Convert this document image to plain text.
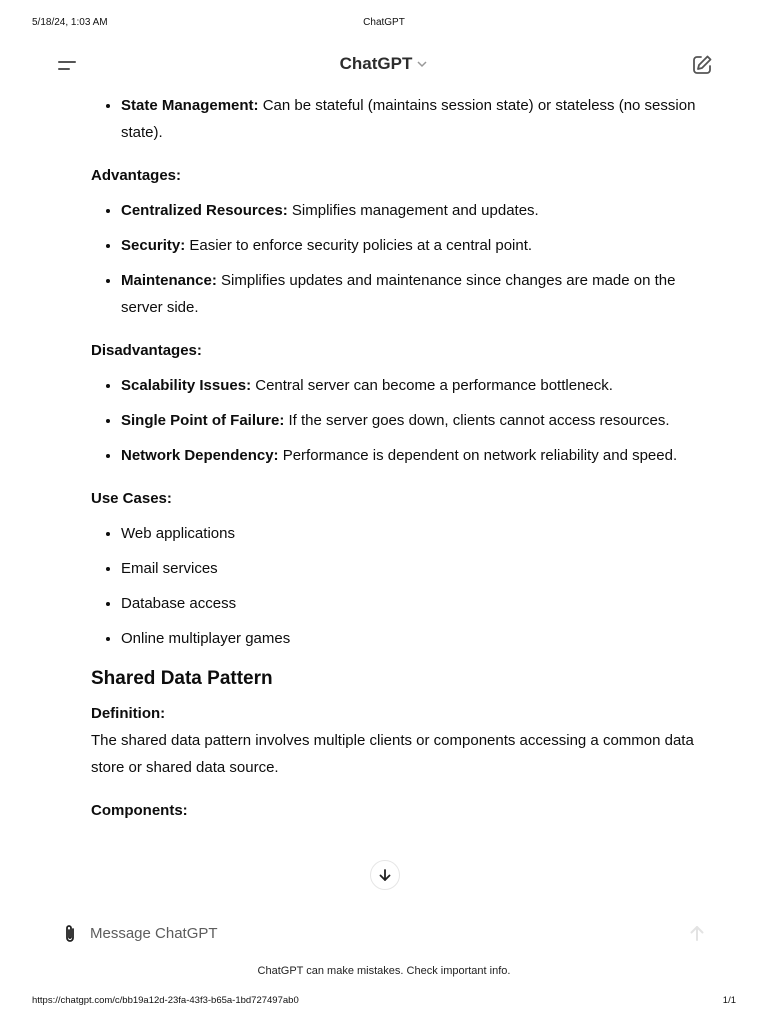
5/18/24, 1:03 AM	ChatGPT
ChatGPT
• State Management: Can be stateful (maintains session state) or stateless (no session state).

Advantages:

• Centralized Resources: Simplifies management and updates.
• Security: Easier to enforce security policies at a central point.
• Maintenance: Simplifies updates and maintenance since changes are made on the server side.

Disadvantages:

• Scalability Issues: Central server can become a performance bottleneck.
• Single Point of Failure: If the server goes down, clients cannot access resources.
• Network Dependency: Performance is dependent on network reliability and speed.

Use Cases:

• Web applications
• Email services
• Database access
• Online multiplayer games
Shared Data Pattern

Definition:

The shared data pattern involves multiple clients or components accessing a common data store or shared data source.

Components:

Message ChatGPT
ChatGPT can make mistakes. Check important info.
https://chatgpt.com/c/bb19a12d-23fa-43f3-b65a-1bd727497ab0	1/1
